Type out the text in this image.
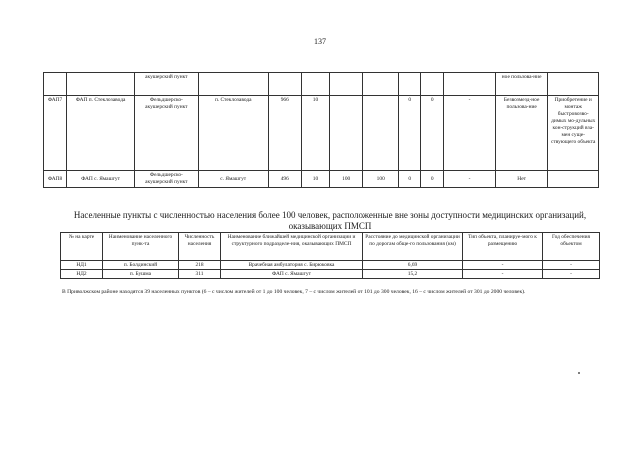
137
		акушерский пункт									ное пользова-ние	
ФАП7	ФАП п. Стеклозавода	Фельдшерско-акушерский пункт	п. Стеклозавода	966	10			0	0	-	Безвозмезд-ное пользова-ние	Приобретение и монтаж быстровозво-димых мо-дульных кон-струкций вза-мен суще-ствующего объекта
ФАП8	ФАП с. Ямашгут	Фельдшерско-акушерский пункт	с. Ямашгут	496	10	100	100	0	0	-	Нет	
Населенные пункты с численностью населения более 100 человек, расположенные вне зоны доступности медицинских организаций, оказывающих ПМСП
№ на карте	Наименование населенного пунк-та	Численность населения	Наименование ближайшей медицинской организации и структурного подразделе-ния, оказывающих ПМСП	Расстояние до медицинской организации по дорогам обще-го пользования (км)	Тип объекта, планируе-мого к размещению	Год обеспечения объектом
НД1	п. Болдинский	218	Врачебная амбулатория с. Бирюковка	6,69	-	-
НД2	п. Бушма	311	ФАП с. Ямашгут	15,2	-	-
В Приволжском районе находятся 39 населенных пунктов (6 – с числом жителей от 1 до 100 человек, 7 – с числом жителей от 101 до 300 человек, 16 – с числом жителей от 301 до 2000 человек).
